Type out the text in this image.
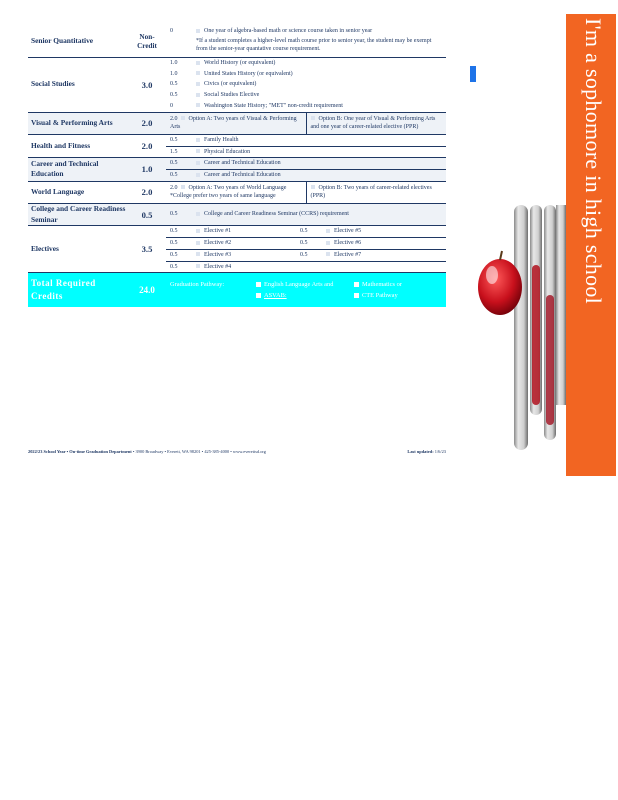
Senior Quantitative	Non-
Credit

0	One year of algebra-based math or science course taken in senior year
*If a student completes a higher-level math course prior to senior year, the student may be exempt from the senior-year quantative course requirement.

Social Studies	3.0	
1.0	World History (or equivalent)
1.0	United States History (or equivalent)
0.5	Civics (or equivalent)
0.5	Social Studies Elective
0	Washington State History; "MET" non-credit requirement

Visual & Performing Arts	2.0	2.0 Option A: Two years of Visual & Performing Arts
Option B: One year of Visual & Performing Arts and one year of career-related elective (PPR)

Health and Fitness	2.0	
0.5	Family Health
1.5	Physical Education

Career and Technical Education	1.0	
0.5	Career and Technical Education
0.5	Career and Technical Education

World Language	2.0	2.0 Option A: Two years of World Language
*College prefer two years of same language
Option B: Two years of career-related electives (PPR)

College and Career Readiness Seminar	0.5	0.5	College and Career Readiness Seminar (CCRS) requirement

Electives	3.5	
0.5	Elective #1	0.5	Elective #5
0.5	Elective #2	0.5	Elective #6
0.5	Elective #3	0.5	Elective #7
0.5	Elective #4		

Total Required Credits	24.0	
Graduation Pathway:	English Language Arts and	Mathematics or
ASVAB:	CTE Pathway
2022/23 School Year • On-time Graduation Department • 3900 Broadway • Everett, WA 98201 • 425-385-4000 • www.everettsd.org	Last updated: 1/6/23
I'm a sophomore in high school
